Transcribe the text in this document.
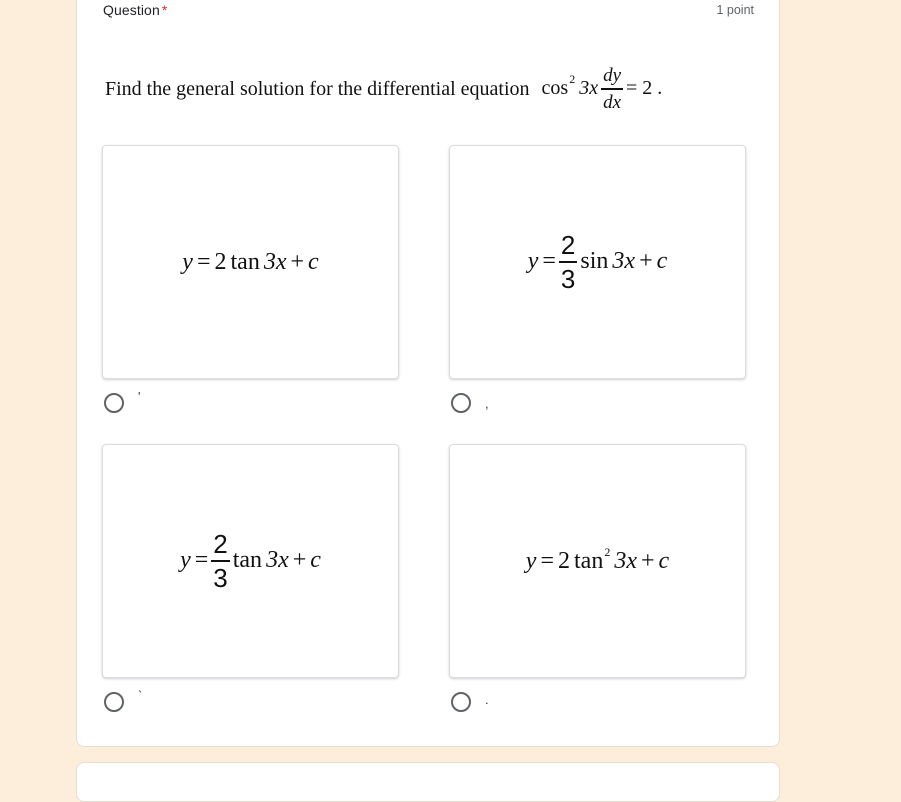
Question *	1 point
Find the general solution for the differential equation cos 2 $3x \frac{dy}{dx} = 2$ .
y = 2 tan 3x + c
'
$y = \frac{2}{3}$ sin 3x + c
,
$y = \frac{2}{3}$ tan 3x + c
`
y = 2 tan 2 3x + c
.
